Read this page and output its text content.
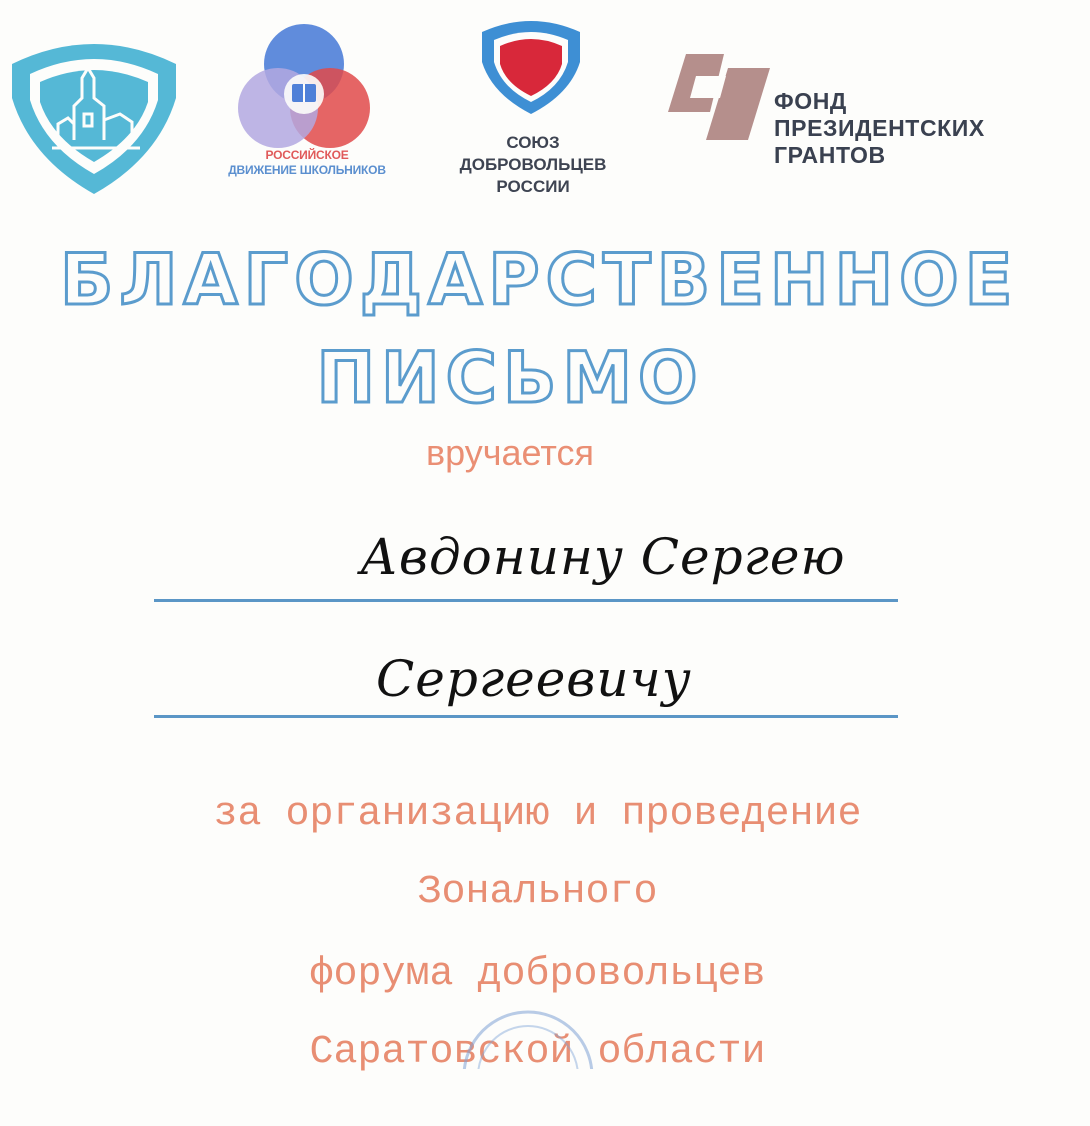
РОССИЙСКОЕ
ДВИЖЕНИЕ ШКОЛЬНИКОВ
СОЮЗ
ДОБРОВОЛЬЦЕВ
РОССИИ
ФОНД
ПРЕЗИДЕНТСКИХ
ГРАНТОВ
БЛАГОДАРСТВЕННОЕ
ПИСЬМО
вручается
Авдонину Сергею
Сергеевичу
за организацию и проведение
Зонального
форума добровольцев
Саратовской области
